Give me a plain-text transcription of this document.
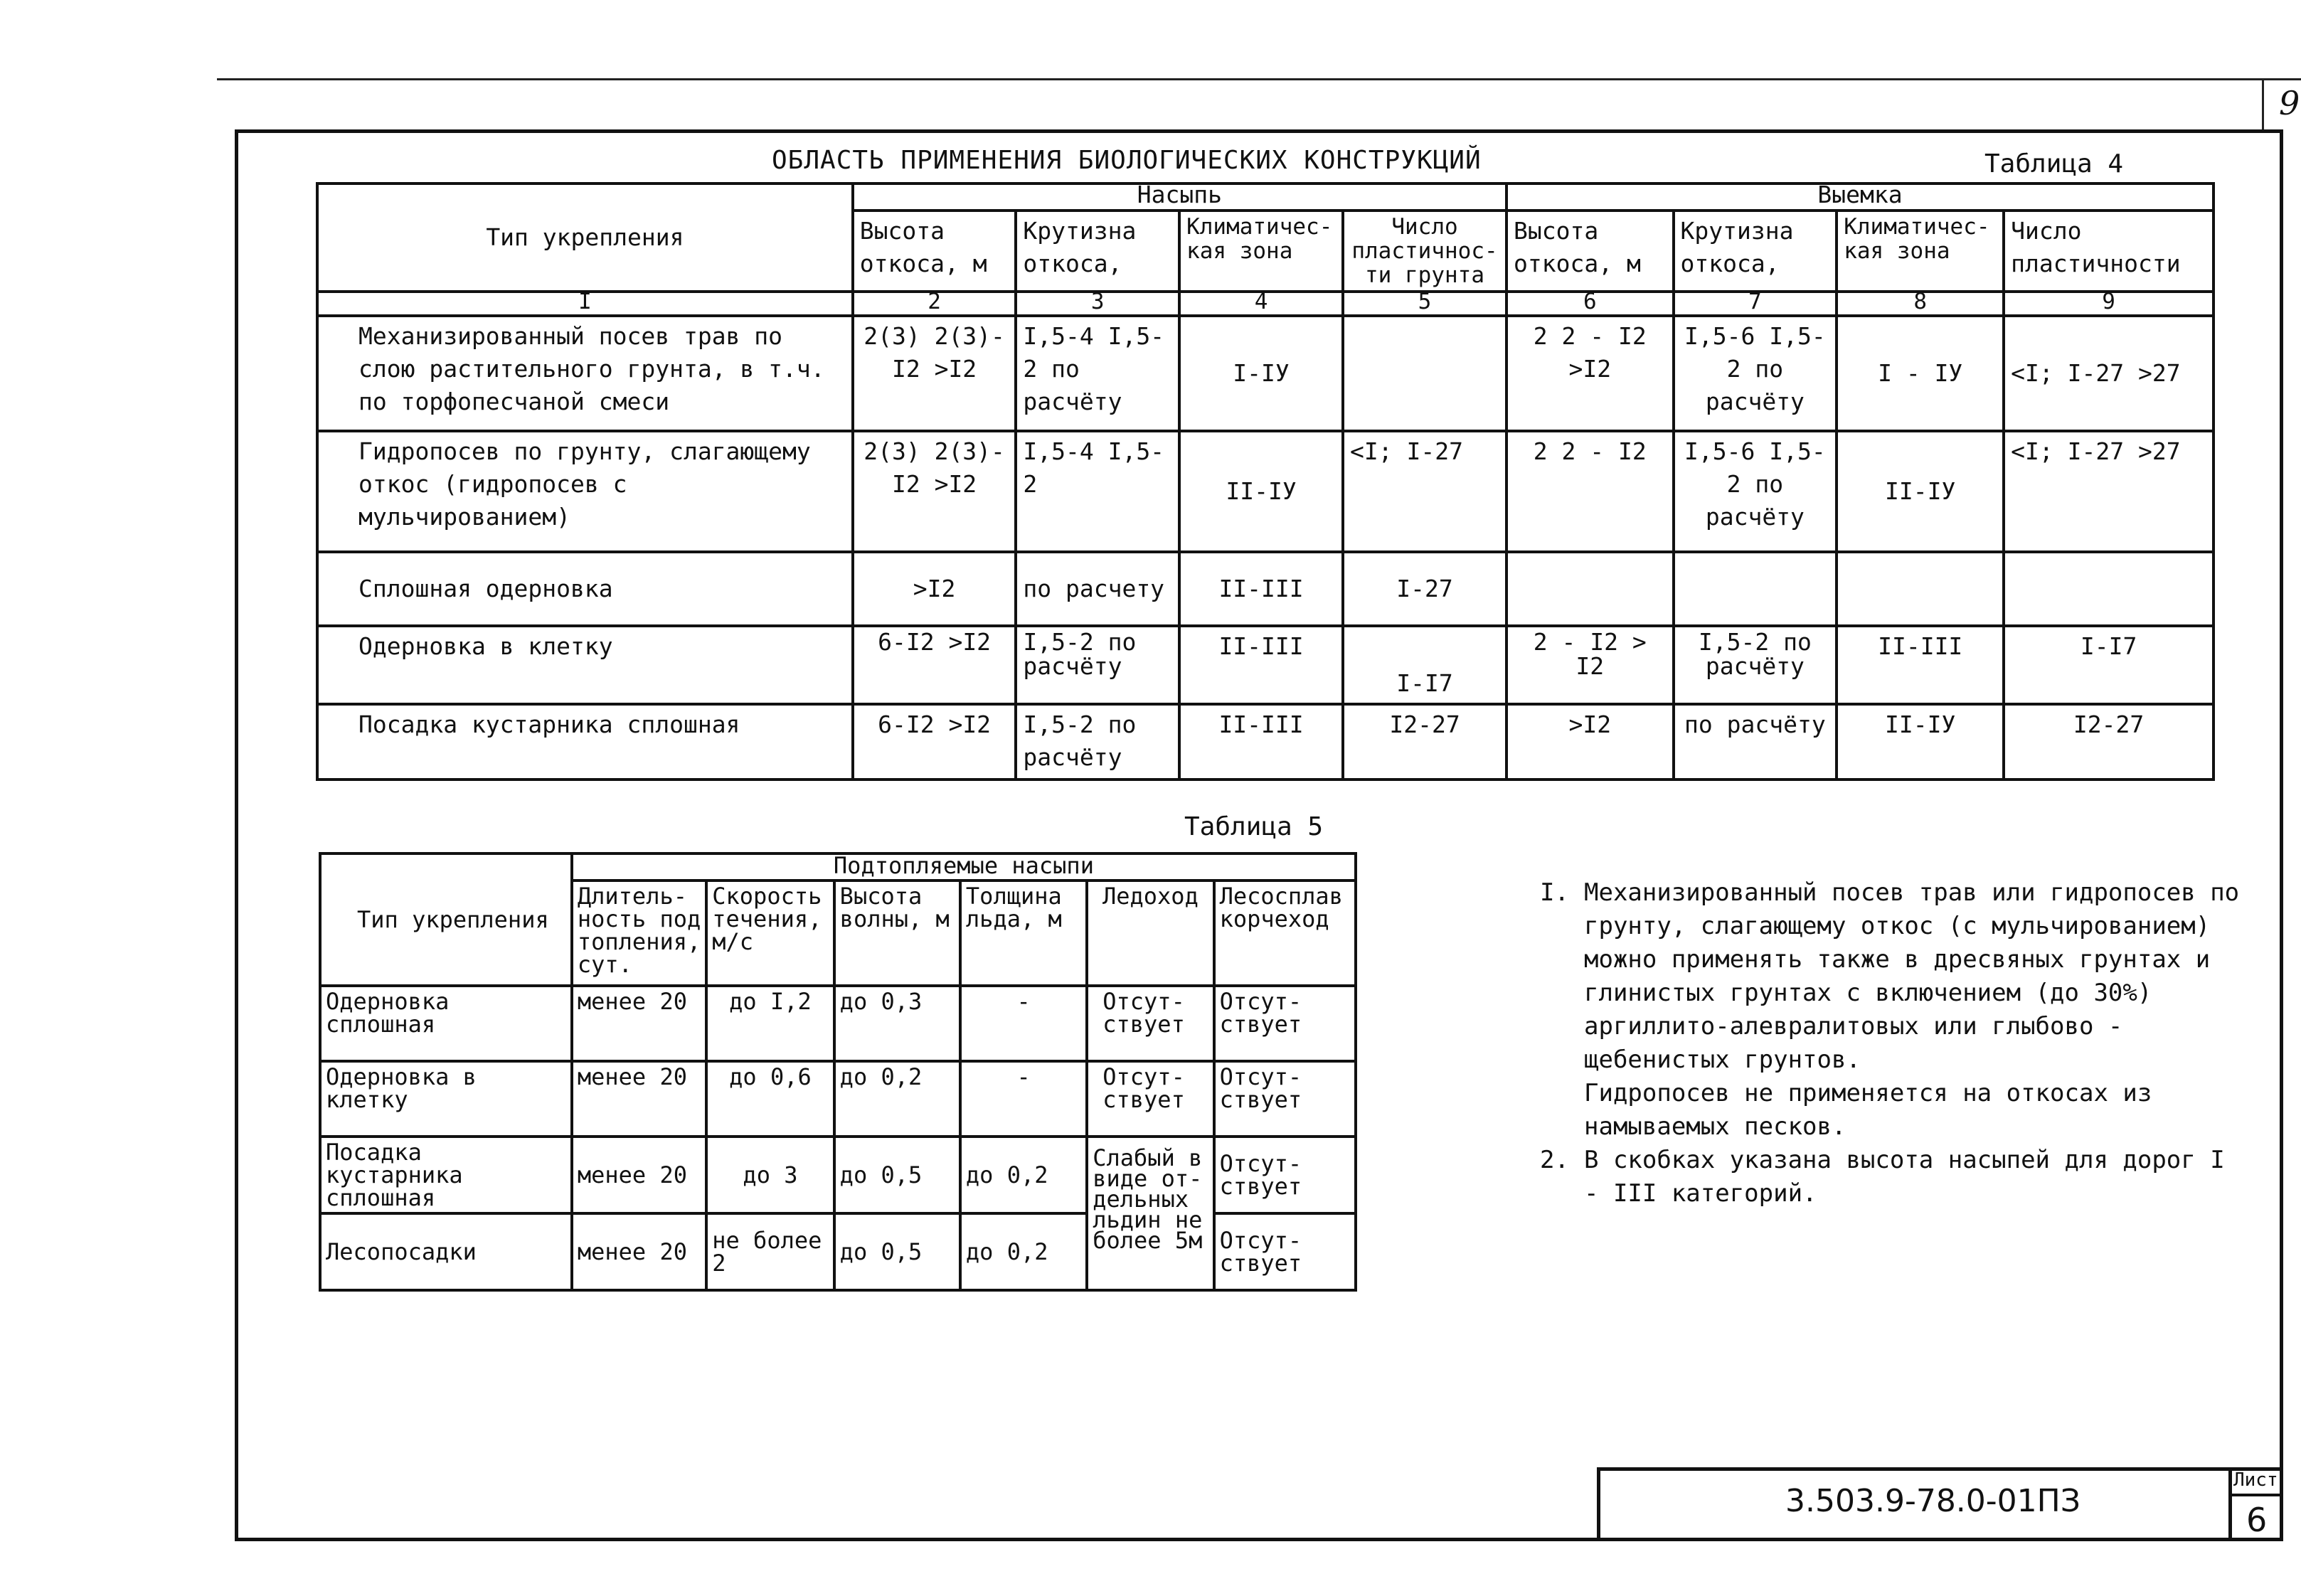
9
ОБЛАСТЬ ПРИМЕНЕНИЯ БИОЛОГИЧЕСКИХ КОНСТРУКЦИЙ	Таблица 4
Тип укрепления	Насыпь				Выемка			
	Высота откоса, м	Крутизна откоса,	Климатичес-кая зона	Число пластичнос-ти грунта	Высота откоса, м	Крутизна откоса,	Климатичес-кая зона	Число пластичности
I	2	3	4	5	6	7	8	9
Механизированный посев трав по слою растительного грунта, в т.ч. по торфопесчаной смеси	2(3) 2(3)-I2 >I2	I,5-4 I,5-2 по расчёту	I-IУ		2 2 - I2 >I2	I,5-6 I,5-2 по расчёту	I - IУ	<I; I-27 >27
Гидропосев по грунту, слагающему откос (гидропосев с мульчированием)	2(3) 2(3)-I2 >I2	I,5-4 I,5-2	II-IУ	<I; I-27	2 2 - I2	I,5-6 I,5-2 по расчёту	II-IУ	<I; I-27 >27
Сплошная одерновка	>I2	по расчету	II-III	I-27				
Одерновка в клетку	6-I2 >I2	I,5-2 по расчёту	II-III	I-I7	2 - I2 > I2	I,5-2 по расчёту	II-III	I-I7
Посадка кустарника сплошная	6-I2 >I2	I,5-2 по расчёту	II-III	I2-27	>I2	по расчёту	II-IУ	I2-27
Таблица 5
Тип укрепления	Подтопляемые насыпи					
	Длитель-ность под топления, сут.	Скорость течения, м/с	Высота волны, м	Толщина льда, м	Ледоход	Лесосплав корчеход
Одерновка сплошная	менее 20	до I,2	до 0,3	-	Отсут-ствует	Отсут-ствует
Одерновка в клетку	менее 20	до 0,6	до 0,2	-	Отсут-ствует	Отсут-ствует
Посадка кустарника сплошная	менее 20	до 3	до 0,5	до 0,2	Слабый в виде от-дельных льдин не более 5м	Отсут-ствует
Лесопосадки	менее 20	не более 2	до 0,5	до 0,2		Отсут-ствует
I. Механизированный посев трав или гидропосев по грунту, слагающему откос (с мульчированием) можно применять также в дресвяных грунтах и глинистых грунтах с включением (до 30%) аргиллито-алевралитовых или глыбово - щебенистых грунтов.
Гидропосев не применяется на откосах из намываемых песков.
2. В скобках указана высота насыпей для дорог I - III категорий.
3.503.9-78.0-01ПЗ
Лист
6
